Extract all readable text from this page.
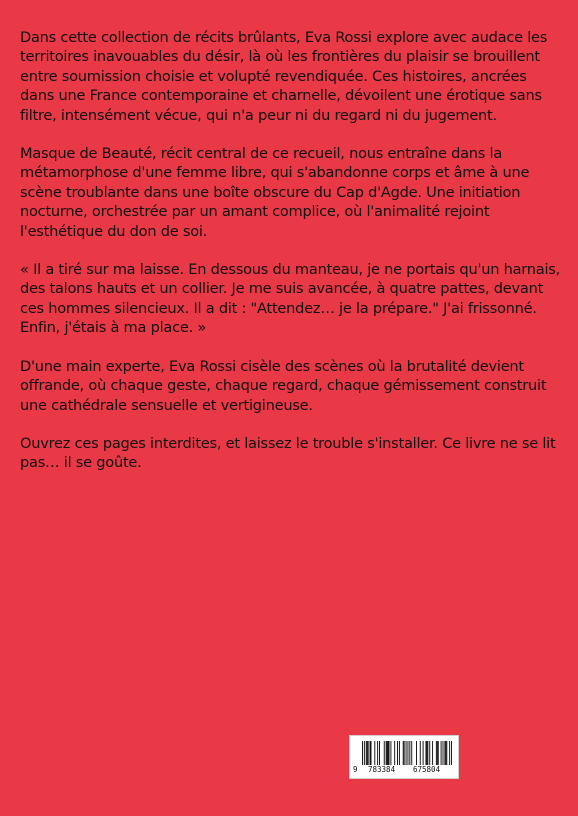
Dans cette collection de récits brûlants, Eva Rossi explore avec audace les territoires inavouables du désir, là où les frontières du plaisir se brouillent entre soumission choisie et volupté revendiquée. Ces histoires, ancrées dans une France contemporaine et charnelle, dévoilent une érotique sans filtre, intensément vécue, qui n'a peur ni du regard ni du jugement.

Masque de Beauté, récit central de ce recueil, nous entraîne dans la métamorphose d'une femme libre, qui s'abandonne corps et âme à une scène troublante dans une boîte obscure du Cap d'Agde. Une initiation nocturne, orchestrée par un amant complice, où l'animalité rejoint l'esthétique du don de soi.

« Il a tiré sur ma laisse. En dessous du manteau, je ne portais qu'un harnais, des talons hauts et un collier. Je me suis avancée, à quatre pattes, devant ces hommes silencieux. Il a dit : "Attendez… je la prépare." J'ai frissonné. Enfin, j'étais à ma place. »

D'une main experte, Eva Rossi cisèle des scènes où la brutalité devient offrande, où chaque geste, chaque regard, chaque gémissement construit une cathédrale sensuelle et vertigineuse.

Ouvrez ces pages interdites, et laissez le trouble s'installer. Ce livre ne se lit pas… il se goûte.

9 783384 675804
